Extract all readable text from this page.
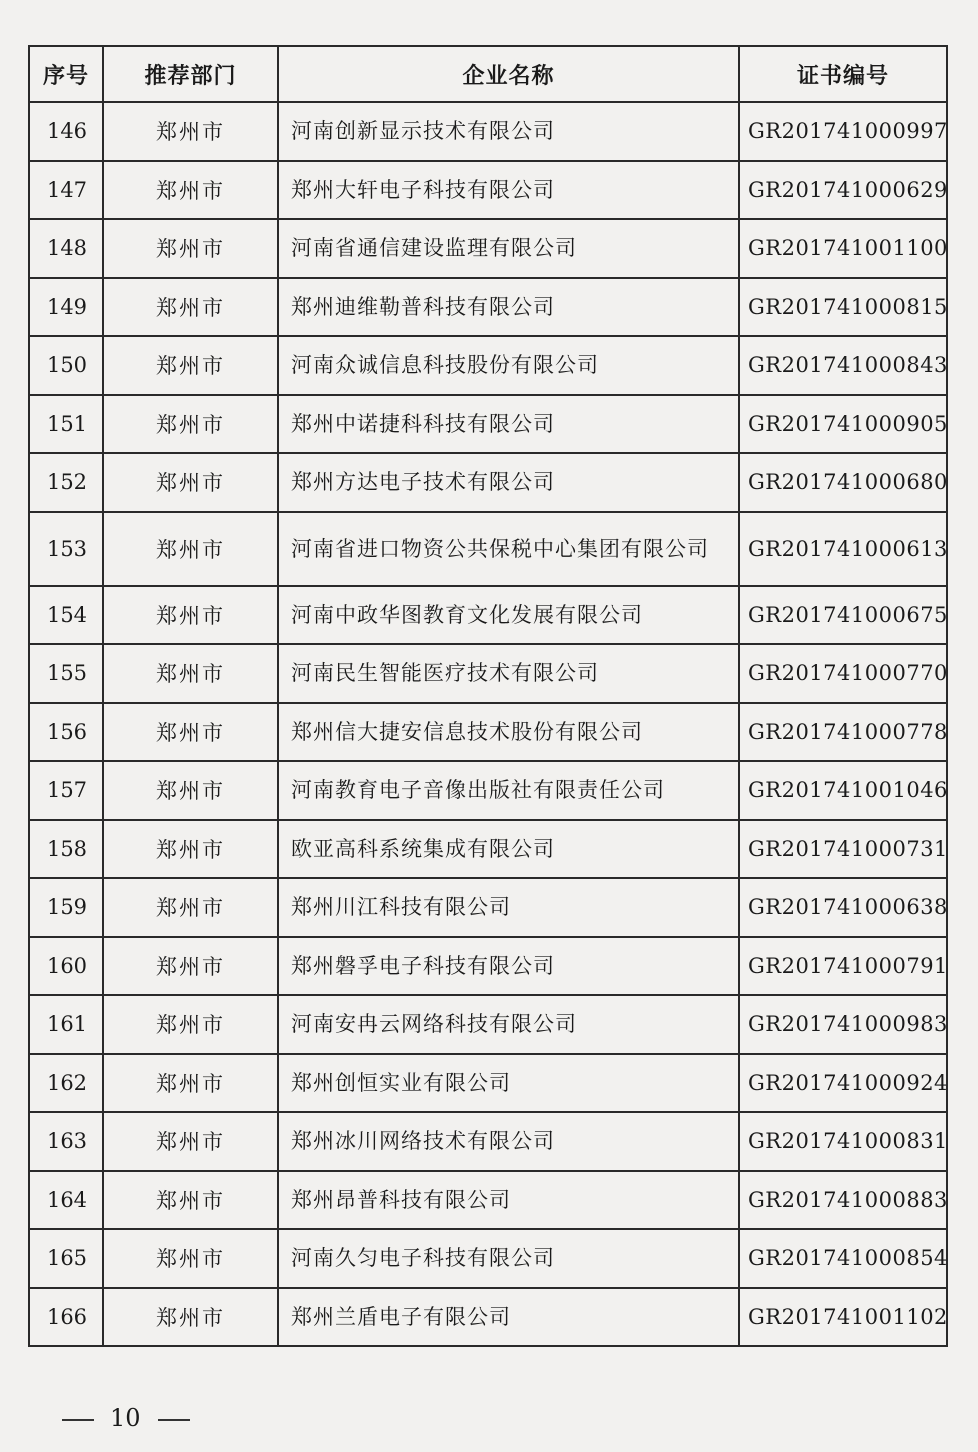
序号	推荐部门	企业名称	证书编号
146	郑州市	河南创新显示技术有限公司	GR201741000997
147	郑州市	郑州大轩电子科技有限公司	GR201741000629
148	郑州市	河南省通信建设监理有限公司	GR201741001100
149	郑州市	郑州迪维勒普科技有限公司	GR201741000815
150	郑州市	河南众诚信息科技股份有限公司	GR201741000843
151	郑州市	郑州中诺捷科科技有限公司	GR201741000905
152	郑州市	郑州方达电子技术有限公司	GR201741000680
153	郑州市	河南省进口物资公共保税中心集团有限公司	GR201741000613
154	郑州市	河南中政华图教育文化发展有限公司	GR201741000675
155	郑州市	河南民生智能医疗技术有限公司	GR201741000770
156	郑州市	郑州信大捷安信息技术股份有限公司	GR201741000778
157	郑州市	河南教育电子音像出版社有限责任公司	GR201741001046
158	郑州市	欧亚高科系统集成有限公司	GR201741000731
159	郑州市	郑州川江科技有限公司	GR201741000638
160	郑州市	郑州磐孚电子科技有限公司	GR201741000791
161	郑州市	河南安冉云网络科技有限公司	GR201741000983
162	郑州市	郑州创恒实业有限公司	GR201741000924
163	郑州市	郑州冰川网络技术有限公司	GR201741000831
164	郑州市	郑州昂普科技有限公司	GR201741000883
165	郑州市	河南久匀电子科技有限公司	GR201741000854
166	郑州市	郑州兰盾电子有限公司	GR201741001102
10
